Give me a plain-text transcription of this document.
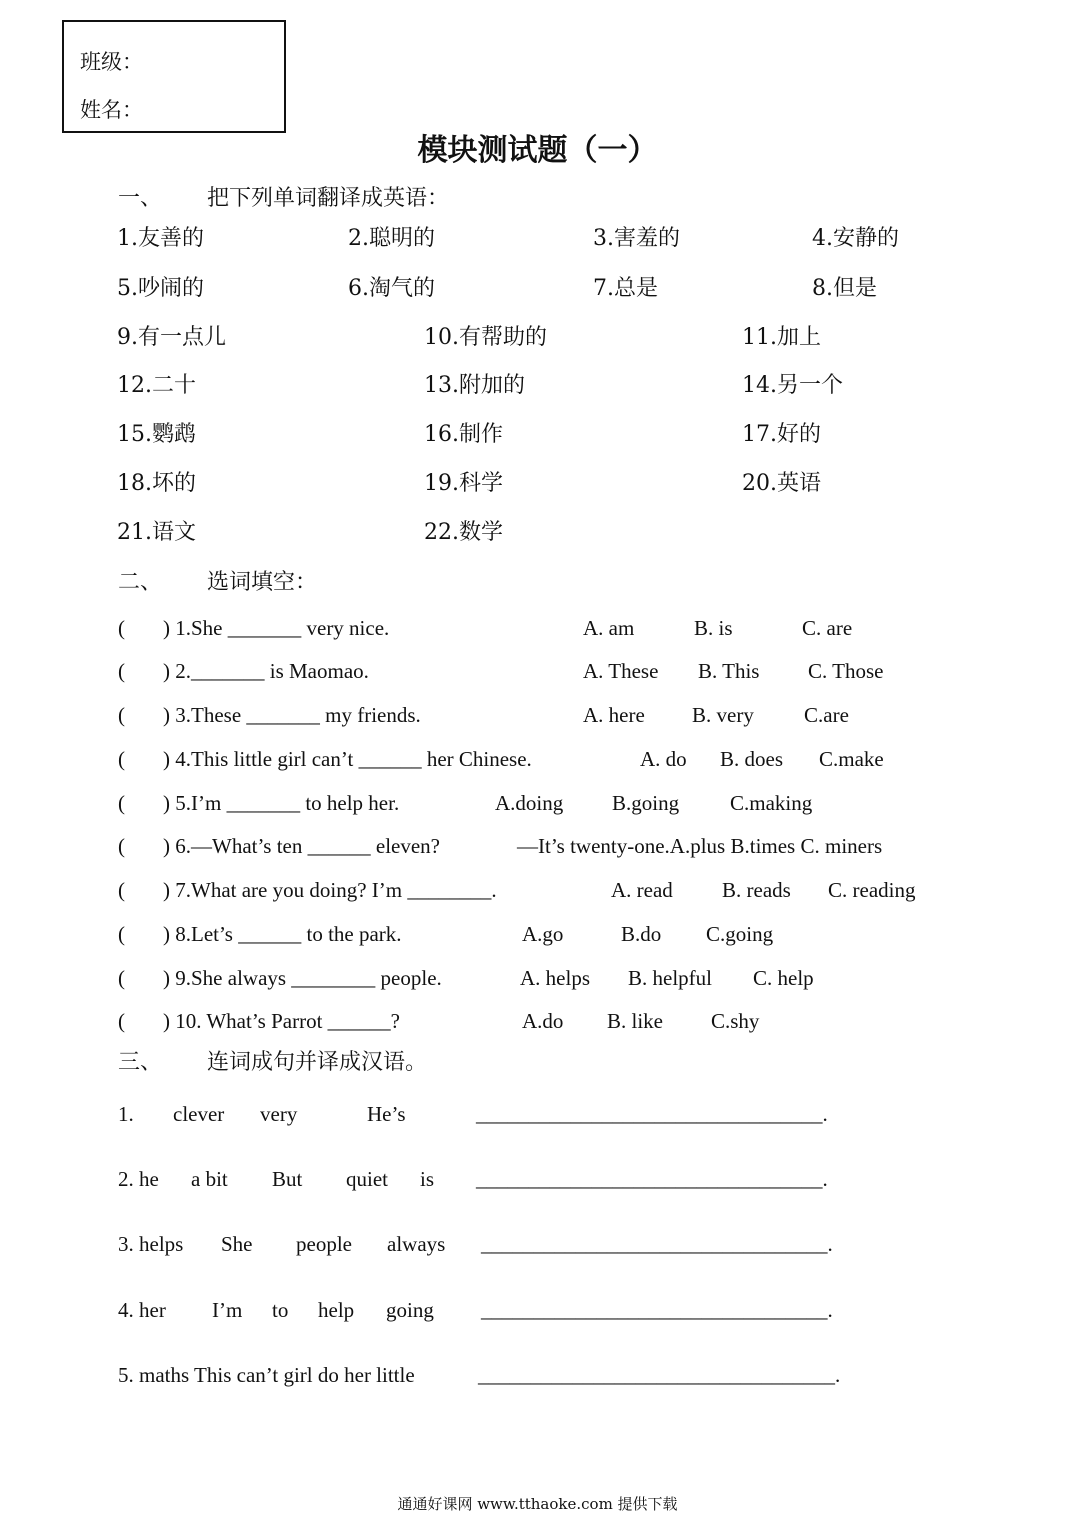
班级：
姓名：
模块测试题（一）
一、 把下列单词翻译成英语：
1.友善的	2.聪明的	3.害羞的	4.安静的
5.吵闹的	6.淘气的	7.总是	8.但是
9.有一点儿	10.有帮助的	11.加上
12.二十	13.附加的	14.另一个
15.鹦鹉	16.制作	17.好的
18.坏的	19.科学	20.英语
21.语文	22.数学
二、 选词填空：
( ) 1.She _______ very nice.	A. am	B. is	C. are
( ) 2._______ is Maomao.	A. These B. This C. Those
( ) 3.These _______ my friends.	A. here B. very C.are
( ) 4.This little girl can’t ______ her Chinese.	A. do B. does C.make
( ) 5.I’m _______ to help her.	A.doing B.going C.making
( ) 6.—What’s ten ______ eleven?	—It’s twenty-one.A.plus B.times C. miners
( ) 7.What are you doing? I’m ________.	A. read B. reads C. reading
( ) 8.Let’s ______ to the park.	A.go	B.do C.going
( ) 9.She always ________ people.	A. helps B. helpful C. help
( ) 10. What’s Parrot ______?	A.do B. like C.shy
三、 连词成句并译成汉语。
1. clever very	He’s	_________________________________.
2. he a bit But quiet is _________________________________.
3. helps She people always _________________________________.
4. her I’m to help going _________________________________.
5. maths This can’t girl do her little	__________________________________.
通通好课网 www.tthaoke.com 提供下载
